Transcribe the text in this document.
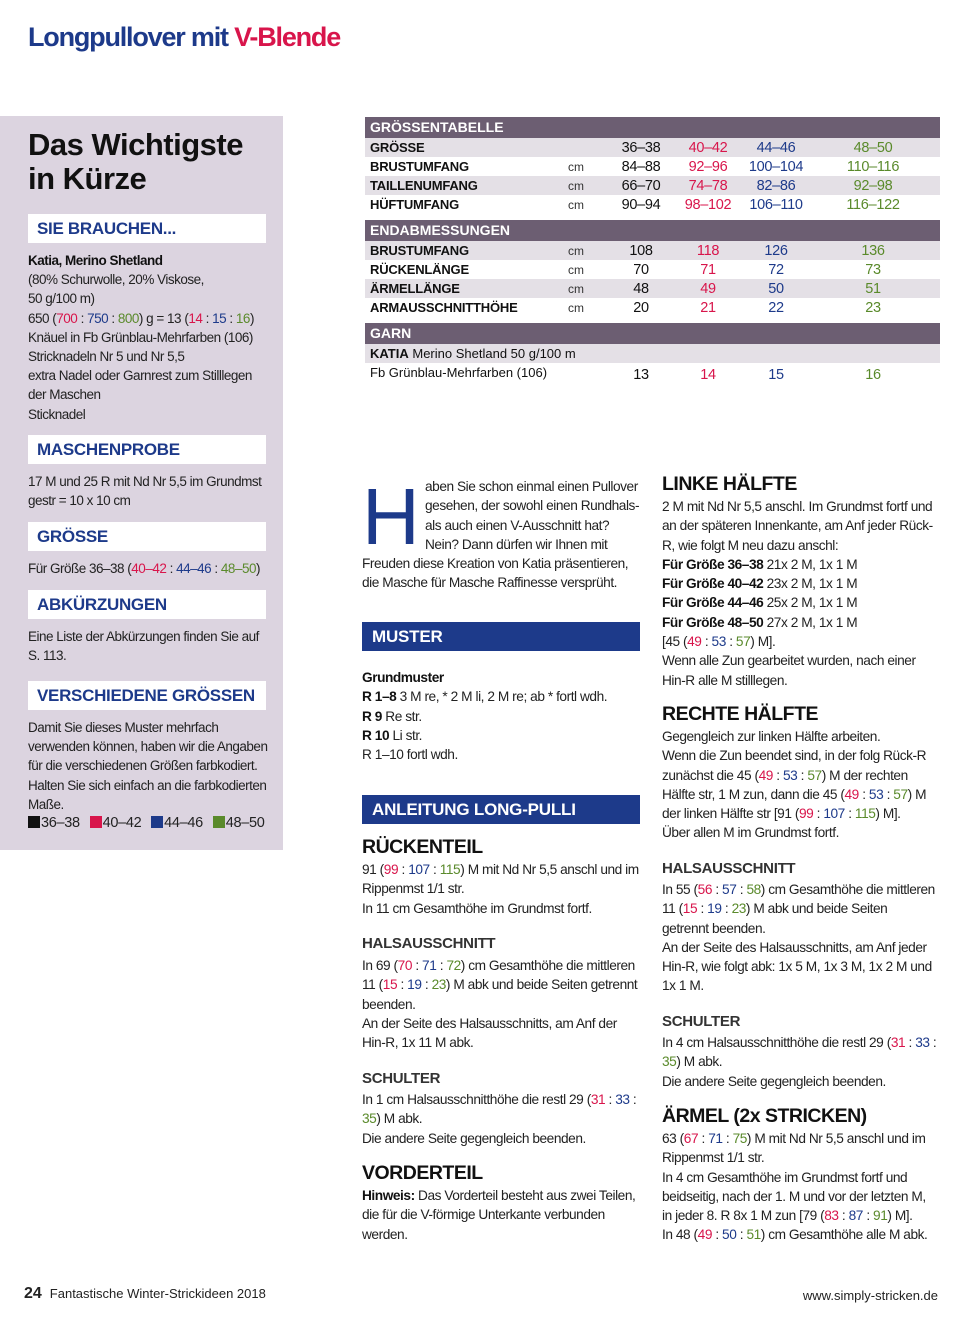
Longpullover mit V-Blende
Das Wichtigste
in Kürze
SIE BRAUCHEN...
Katia, Merino Shetland
(80% Schurwolle, 20% Viskose,
50 g/100 m)
650 (700 : 750 : 800) g = 13 (14 : 15 : 16)
Knäuel in Fb Grünblau-Mehrfarben (106)
Stricknadeln Nr 5 und Nr 5,5
extra Nadel oder Garnrest zum Stilllegen der Maschen
Sticknadel
MASCHENPROBE
17 M und 25 R mit Nd Nr 5,5 im Grundmst gestr = 10 x 10 cm
GRÖSSE
Für Größe 36–38 (40–42 : 44–46 : 48–50)
ABKÜRZUNGEN
Eine Liste der Abkürzungen finden Sie auf S. 113.
VERSCHIEDENE GRÖSSEN
Damit Sie dieses Muster mehrfach verwenden können, haben wir die Angaben für die verschiedenen Größen farbkodiert. Halten Sie sich einfach an die farbkodierten Maße.
36–38 40–42 44–46 48–50
GRÖSSENTABELLE
GRÖSSE	36–38	40–42	44–46	48–50
BRUSTUMFANG	cm	84–88	92–96	100–104	110–116
TAILLENUMFANG	cm	66–70	74–78	82–86	92–98
HÜFTUMFANG	cm	90–94	98–102	106–110	116–122
ENDABMESSUNGEN
BRUSTUMFANG	cm	108	118	126	136
RÜCKENLÄNGE	cm	70	71	72	73
ÄRMELLÄNGE	cm	48	49	50	51
ARMAUSSCHNITTHÖHE	cm	20	21	22	23
GARN
KATIA Merino Shetland 50 g/100 m
Fb Grünblau-Mehrfarben (106)	13	14	15	16
H aben Sie schon einmal einen Pullover gesehen, der sowohl einen Rundhals- als auch einen V-Ausschnitt hat? Nein? Dann dürfen wir Ihnen mit
Freuden diese Kreation von Katia präsentieren, die Masche für Masche Raffinesse versprüht.
MUSTER
Grundmuster
R 1–8 3 M re, * 2 M li, 2 M re; ab * fortl wdh.
R 9 Re str.
R 10 Li str.
R 1–10 fortl wdh.
ANLEITUNG LONG-PULLI
RÜCKENTEIL
91 (99 : 107 : 115) M mit Nd Nr 5,5 anschl und im Rippenmst 1/1 str.
In 11 cm Gesamthöhe im Grundmst fortf.
HALSAUSSCHNITT
In 69 (70 : 71 : 72) cm Gesamthöhe die mittleren 11 (15 : 19 : 23) M abk und beide Seiten getrennt beenden.
An der Seite des Halsausschnitts, am Anf der Hin-R, 1x 11 M abk.
SCHULTER
In 1 cm Halsausschnitthöhe die restl 29 (31 : 33 : 35) M abk.
Die andere Seite gegengleich beenden.
VORDERTEIL
Hinweis: Das Vorderteil besteht aus zwei Teilen, die für die V-förmige Unterkante verbunden werden.
LINKE HÄLFTE
2 M mit Nd Nr 5,5 anschl. Im Grundmst fortf und an der späteren Innenkante, am Anf jeder Rück-R, wie folgt M neu dazu anschl:
Für Größe 36–38 21x 2 M, 1x 1 M
Für Größe 40–42 23x 2 M, 1x 1 M
Für Größe 44–46 25x 2 M, 1x 1 M
Für Größe 48–50 27x 2 M, 1x 1 M
[45 (49 : 53 : 57) M].
Wenn alle Zun gearbeitet wurden, nach einer Hin-R alle M stilllegen.
RECHTE HÄLFTE
Gegengleich zur linken Hälfte arbeiten.
Wenn die Zun beendet sind, in der folg Rück-R zunächst die 45 (49 : 53 : 57) M der rechten Hälfte str, 1 M zun, dann die 45 (49 : 53 : 57) M der linken Hälfte str [91 (99 : 107 : 115) M].
Über allen M im Grundmst fortf.
HALSAUSSCHNITT
In 55 (56 : 57 : 58) cm Gesamthöhe die mittleren 11 (15 : 19 : 23) M abk und beide Seiten getrennt beenden.
An der Seite des Halsausschnitts, am Anf jeder Hin-R, wie folgt abk: 1x 5 M, 1x 3 M, 1x 2 M und 1x 1 M.
SCHULTER
In 4 cm Halsausschnitthöhe die restl 29 (31 : 33 : 35) M abk.
Die andere Seite gegengleich beenden.
ÄRMEL (2x STRICKEN)
63 (67 : 71 : 75) M mit Nd Nr 5,5 anschl und im Rippenmst 1/1 str.
In 4 cm Gesamthöhe im Grundmst fortf und beidseitig, nach der 1. M und vor der letzten M, in jeder 8. R 8x 1 M zun [79 (83 : 87 : 91) M].
In 48 (49 : 50 : 51) cm Gesamthöhe alle M abk.
24 Fantastische Winter-Strickideen 2018	www.simply-stricken.de
